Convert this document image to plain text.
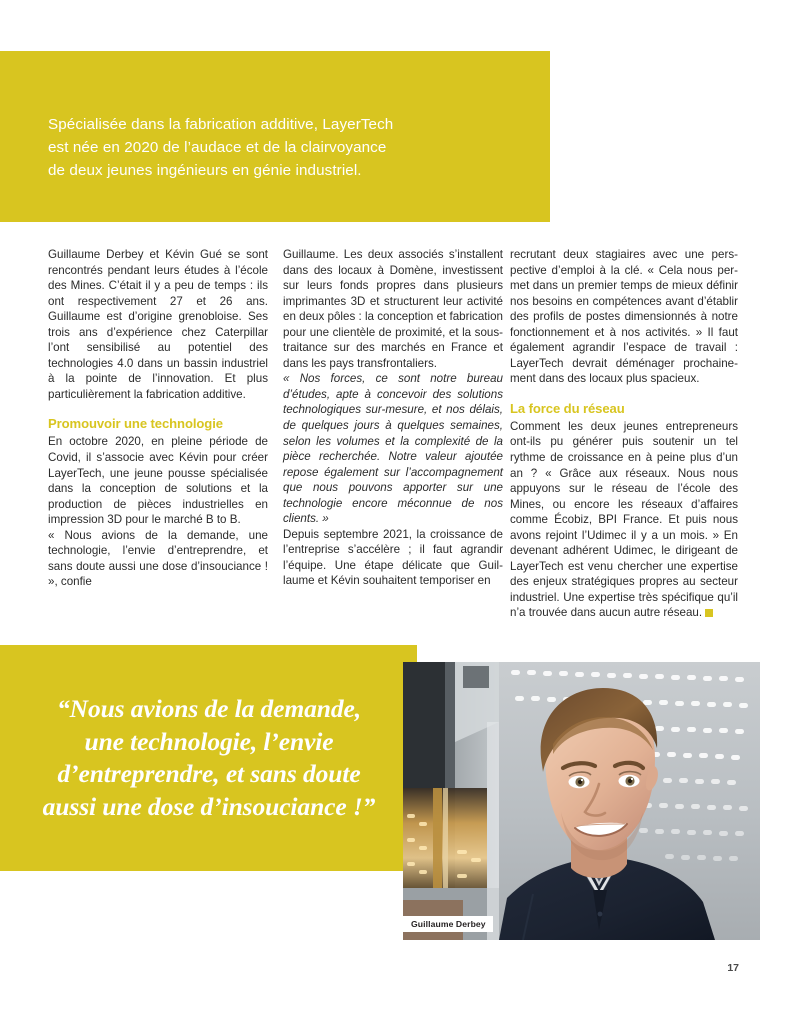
Spécialisée dans la fabrication additive, LayerTech
est née en 2020 de l’audace et de la clairvoyance
de deux jeunes ingénieurs en génie industriel.

Guillaume Derbey et Kévin Gué se sont rencontrés pendant leurs études à l’école des Mines. C’était il y a peu de temps : ils ont respectivement 27 et 26 ans. Guillaume est d’origine grenobloise. Ses trois ans d’expérience chez Caterpillar l’ont sensibilisé au potentiel des technologies 4.0 dans un bassin industriel à la pointe de l’innovation. Et plus particulièrement la fabrication additive.

Promouvoir une technologie

En octobre 2020, en pleine période de Covid, il s’associe avec Kévin pour créer LayerTech, une jeune pousse spécialisée dans la conception de solutions et la production de pièces industrielles en impression 3D pour le marché B to B.

« Nous avions de la demande, une technologie, l’envie d’entreprendre, et sans doute aussi une dose d’insouciance ! », confie

Guillaume. Les deux associés s’installent dans des locaux à Domène, investissent sur leurs fonds propres dans plusieurs imprimantes 3D et structurent leur activité en deux pôles : la conception et fabrication pour une clientèle de proximité, et la sous-traitance sur des marchés en France et dans les pays transfrontaliers.

« Nos forces, ce sont notre bureau d’études, apte à concevoir des solutions technologiques sur-mesure, et nos délais, de quelques jours à quelques semaines, selon les volumes et la complexité de la pièce recherchée. Notre valeur ajoutée repose également sur l’accompagnement que nous pouvons apporter sur une technologie encore méconnue de nos clients. »

Depuis septembre 2021, la croissance de l’entreprise s’accélère ; il faut agrandir l’équipe. Une étape délicate que Guillaume et Kévin souhaitent temporiser en

recrutant deux stagiaires avec une perspective d’emploi à la clé. « Cela nous permet dans un premier temps de mieux définir nos besoins en compétences avant d’établir des profils de postes dimensionnés à notre fonctionnement et à nos activités. » Il faut également agrandir l’espace de travail : LayerTech devrait déménager prochainement dans des locaux plus spacieux.

La force du réseau

Comment les deux jeunes entrepreneurs ont-ils pu générer puis soutenir un tel rythme de croissance en à peine plus d’un an ? « Grâce aux réseaux. Nous nous appuyons sur le réseau de l’école des Mines, ou encore les réseaux d’affaires comme Écobiz, BPI France. Et puis nous avons rejoint l’Udimec il y a un mois. » En devenant adhérent Udimec, le dirigeant de LayerTech est venu chercher une expertise des enjeux stratégiques propres au secteur industriel. Une expertise très spécifique qu’il n’a trouvée dans aucun autre réseau.

“Nous avions de la demande,
une technologie, l’envie
d’entreprendre, et sans doute
aussi une dose d’insouciance !”
Guillaume Derbey
17
